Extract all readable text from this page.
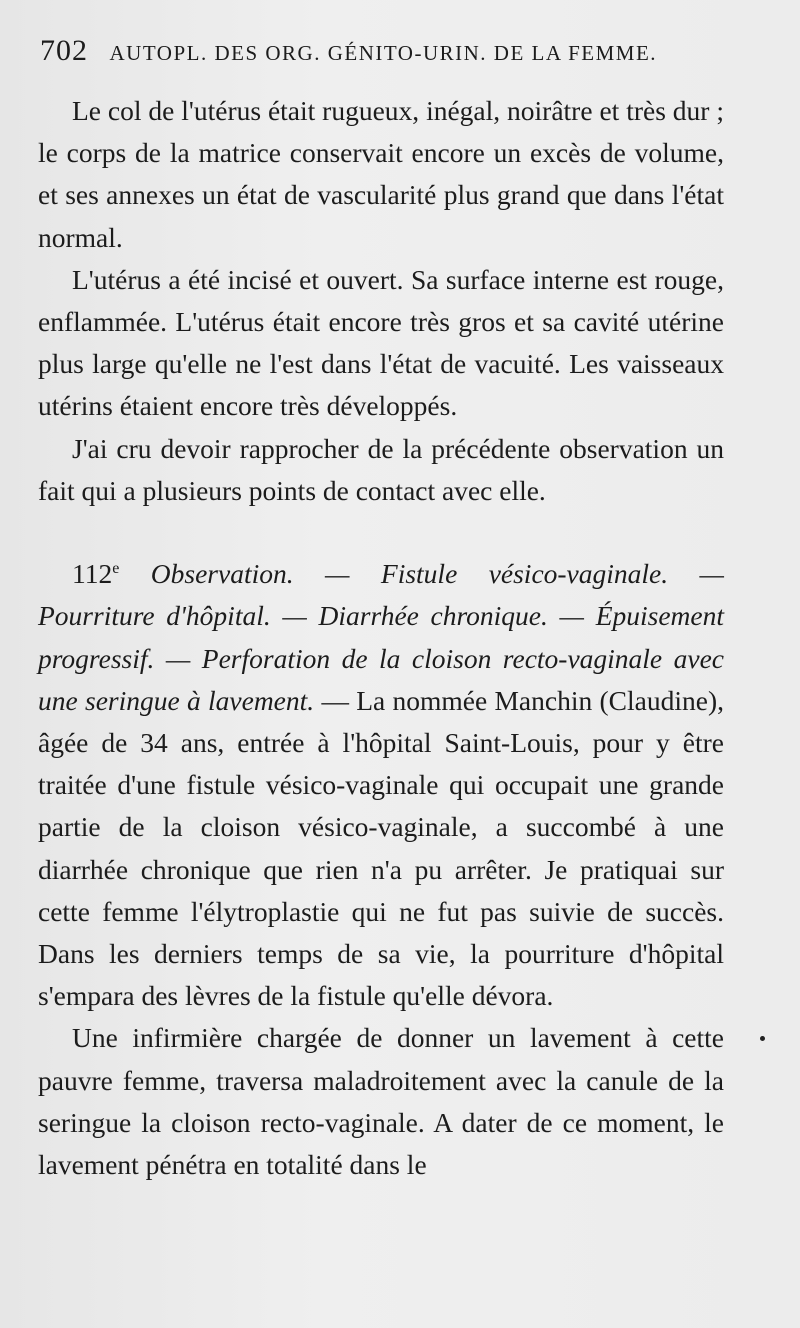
702 AUTOPL. DES ORG. GÉNITO-URIN. DE LA FEMME.

Le col de l'utérus était rugueux, inégal, noirâtre et très dur ; le corps de la matrice conservait encore un excès de volume, et ses annexes un état de vascularité plus grand que dans l'état normal.

L'utérus a été incisé et ouvert. Sa surface interne est rouge, enflammée. L'utérus était encore très gros et sa cavité utérine plus large qu'elle ne l'est dans l'état de vacuité. Les vaisseaux utérins étaient encore très développés.

J'ai cru devoir rapprocher de la précédente observation un fait qui a plusieurs points de contact avec elle.

112e Observation. — Fistule vésico-vaginale. — Pourriture d'hôpital. — Diarrhée chronique. — Épuisement progressif. — Perforation de la cloison recto-vaginale avec une seringue à lavement. — La nommée Manchin (Claudine), âgée de 34 ans, entrée à l'hôpital Saint-Louis, pour y être traitée d'une fistule vésico-vaginale qui occupait une grande partie de la cloison vésico-vaginale, a succombé à une diarrhée chronique que rien n'a pu arrêter. Je pratiquai sur cette femme l'élytroplastie qui ne fut pas suivie de succès. Dans les derniers temps de sa vie, la pourriture d'hôpital s'empara des lèvres de la fistule qu'elle dévora.

Une infirmière chargée de donner un lavement à cette pauvre femme, traversa maladroitement avec la canule de la seringue la cloison recto-vaginale. A dater de ce moment, le lavement pénétra en totalité dans le
